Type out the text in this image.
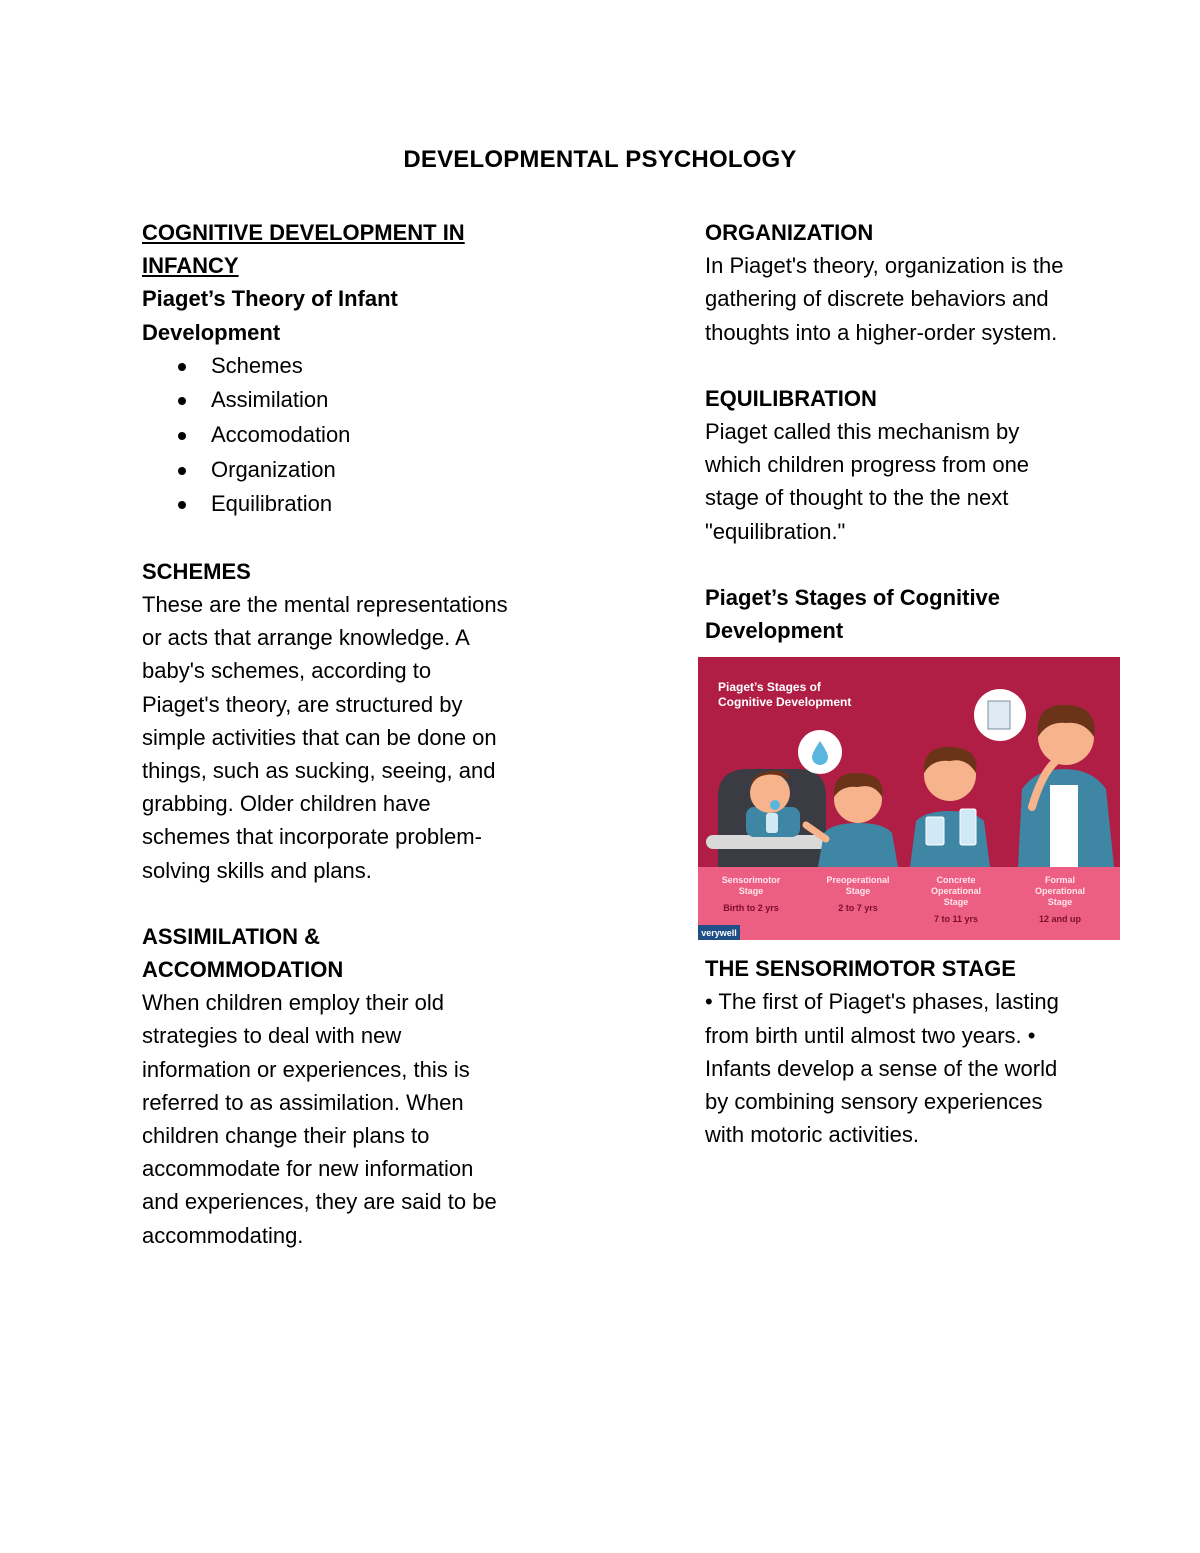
DEVELOPMENTAL PSYCHOLOGY

COGNITIVE DEVELOPMENT IN INFANCY

Piaget’s Theory of Infant Development

Schemes
Assimilation
Accomodation
Organization
Equilibration

SCHEMES

These are the mental representations or acts that arrange knowledge. A baby's schemes, according to Piaget's theory, are structured by simple activities that can be done on things, such as sucking, seeing, and grabbing. Older children have schemes that incorporate problem-solving skills and plans.

ASSIMILATION & ACCOMMODATION

When children employ their old strategies to deal with new information or experiences, this is referred to as assimilation. When children change their plans to accommodate for new information and experiences, they are said to be accommodating.

ORGANIZATION

In Piaget's theory, organization is the gathering of discrete behaviors and thoughts into a higher-order system.

EQUILIBRATION

Piaget called this mechanism by which children progress from one stage of thought to the the next "equilibration."

Piaget’s Stages of Cognitive Development

Piaget’s Stages of
Cognitive Development
Sensorimotor
Stage
Birth to 2 yrs
Preoperational
Stage
2 to 7 yrs
Concrete
Operational
Stage
7 to 11 yrs
Formal
Operational
Stage
12 and up
verywell

THE SENSORIMOTOR STAGE

• The first of Piaget's phases, lasting from birth until almost two years. • Infants develop a sense of the world by combining sensory experiences with motoric activities.
